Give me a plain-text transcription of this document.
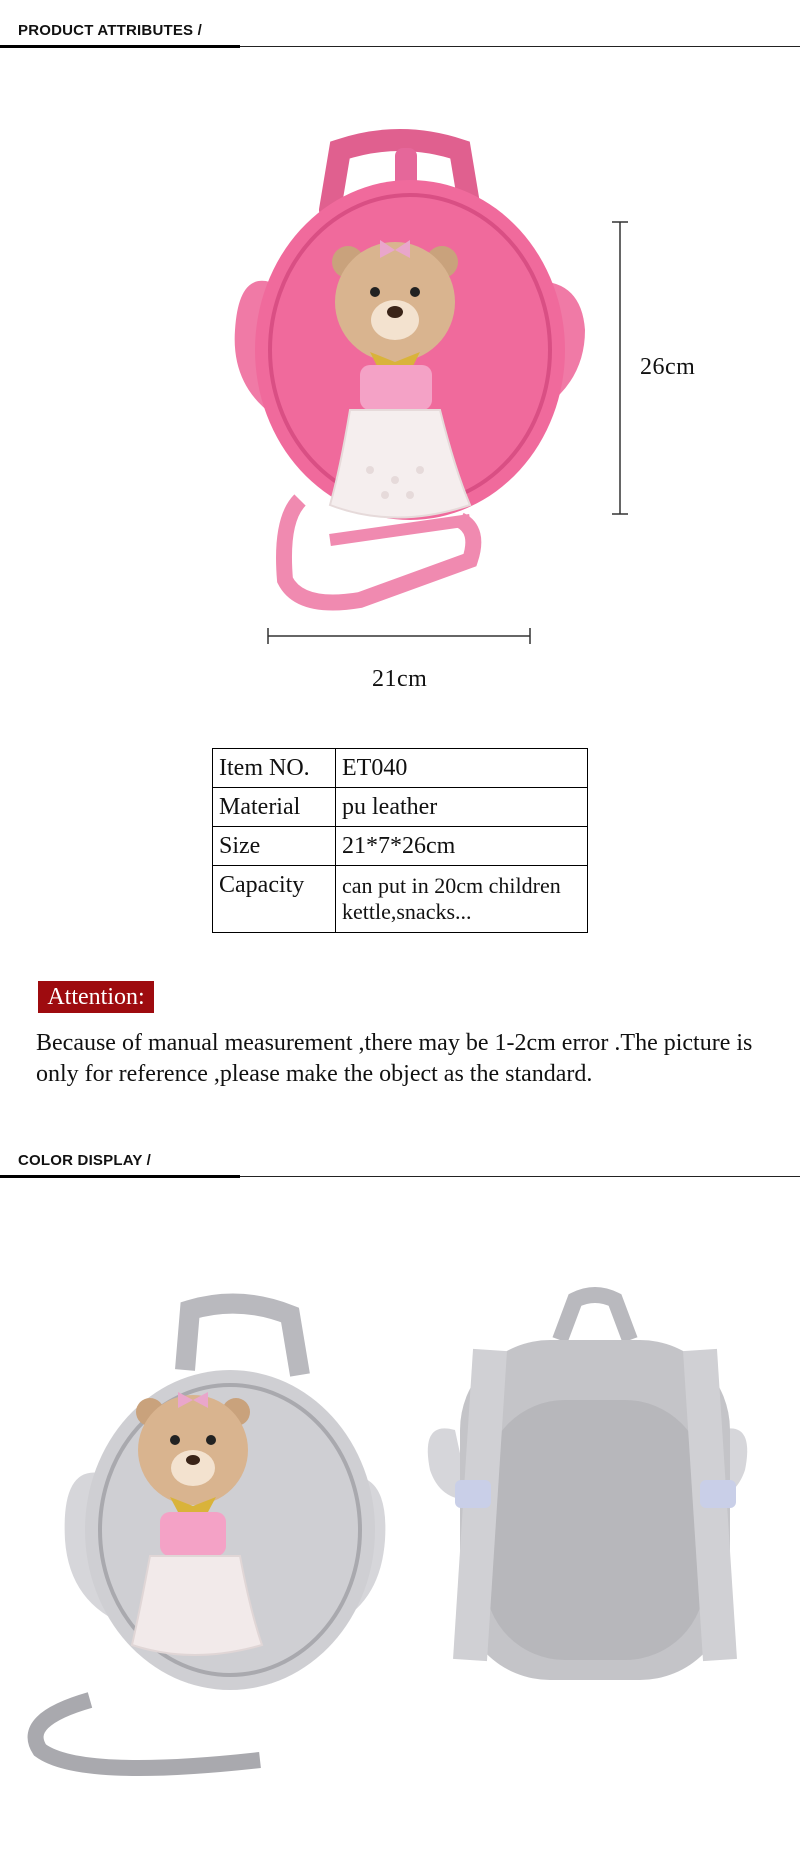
PRODUCT ATTRIBUTES /
26cm
21cm
Item NO.	ET040
Material	pu leather
Size	21*7*26cm
Capacity	can put in 20cm children
kettle,snacks...
Attention:
Because of manual measurement ,there may be 1-2cm error .The picture is only for reference ,please make the object as the standard.
COLOR DISPLAY /
